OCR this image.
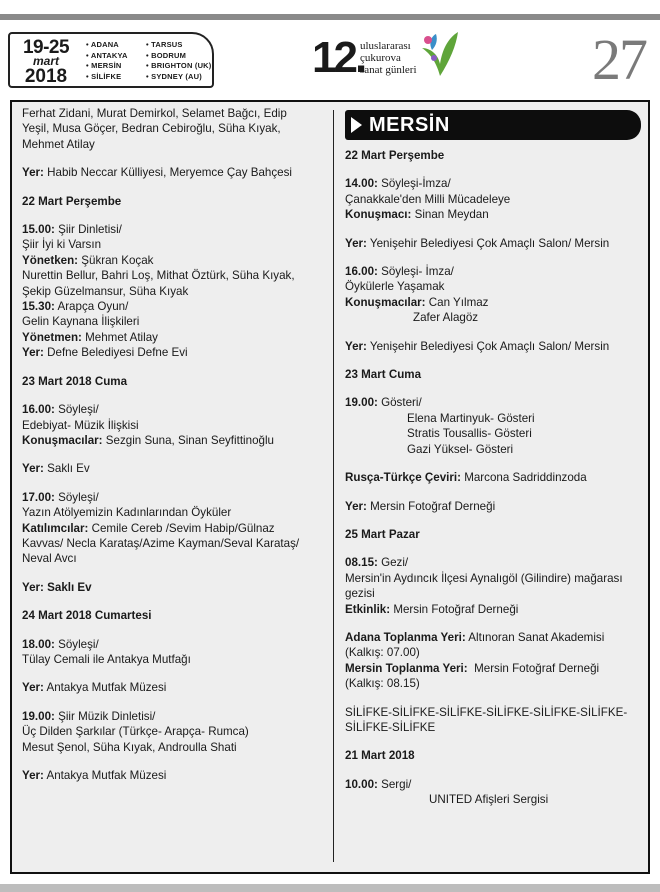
19-25
mart
2018
• ADANA
• ANTAKYA
• MERSİN
• SİLİFKE
• TARSUS
• BODRUM
• BRIGHTON (UK)
• SYDNEY (AU)	12.
uluslararası
çukurova
sanat günleri	27

Ferhat Zidani, Murat Demirkol, Selamet Bağcı, Edip

Yeşil, Musa Göçer, Bedran Cebiroğlu, Süha Kıyak,

Mehmet Atilay

Yer: Habib Neccar Külliyesi, Meryemce Çay Bahçesi

22 Mart Perşembe

15.00: Şiir Dinletisi/

Şiir İyi ki Varsın

Yönetken: Şükran Koçak

Nurettin Bellur, Bahri Loş, Mithat Öztürk, Süha Kıyak,

Şekip Güzelmansur, Süha Kıyak

15.30: Arapça Oyun/

Gelin Kaynana İlişkileri

Yönetmen: Mehmet Atilay

Yer: Defne Belediyesi Defne Evi

23 Mart 2018 Cuma

16.00: Söyleşi/

Edebiyat- Müzik İlişkisi

Konuşmacılar: Sezgin Suna, Sinan Seyfittinoğlu

Yer: Saklı Ev

17.00: Söyleşi/

Yazın Atölyemizin Kadınlarından Öyküler

Katılımcılar: Cemile Cereb /Sevim Habip/Gülnaz

Kavvas/ Necla Karataş/Azime Kayman/Seval Karataş/

Neval Avcı

Yer: Saklı Ev

24 Mart 2018 Cumartesi

18.00: Söyleşi/

Tülay Cemali ile Antakya Mutfağı

Yer: Antakya Mutfak Müzesi

19.00: Şiir Müzik Dinletisi/

Üç Dilden Şarkılar (Türkçe- Arapça- Rumca)

Mesut Şenol, Süha Kıyak, Androulla Shati

Yer: Antakya Mutfak Müzesi

MERSİN

22 Mart Perşembe

14.00: Söyleşi-İmza/

Çanakkale'den Milli Mücadeleye

Konuşmacı: Sinan Meydan

Yer: Yenişehir Belediyesi Çok Amaçlı Salon/ Mersin

16.00: Söyleşi- İmza/

Öykülerle Yaşamak

Konuşmacılar: Can Yılmaz

Zafer Alagöz

Yer: Yenişehir Belediyesi Çok Amaçlı Salon/ Mersin

23 Mart Cuma

19.00: Gösteri/

Elena Martinyuk- Gösteri

Stratis Tousallis- Gösteri

Gazi Yüksel- Gösteri

Rusça-Türkçe Çeviri: Marcona Sadriddinzoda

Yer: Mersin Fotoğraf Derneği

25 Mart Pazar

08.15: Gezi/

Mersin'in Aydıncık İlçesi Aynalıgöl (Gilindire) mağarası

gezisi

Etkinlik: Mersin Fotoğraf Derneği

Adana Toplanma Yeri: Altınoran Sanat Akademisi

(Kalkış: 07.00)

Mersin Toplanma Yeri:  Mersin Fotoğraf Derneği

(Kalkış: 08.15)

SİLİFKE-SİLİFKE-SİLİFKE-SİLİFKE-SİLİFKE-SİLİFKE-

SİLİFKE-SİLİFKE

21 Mart 2018

10.00: Sergi/

UNITED Afişleri Sergisi
